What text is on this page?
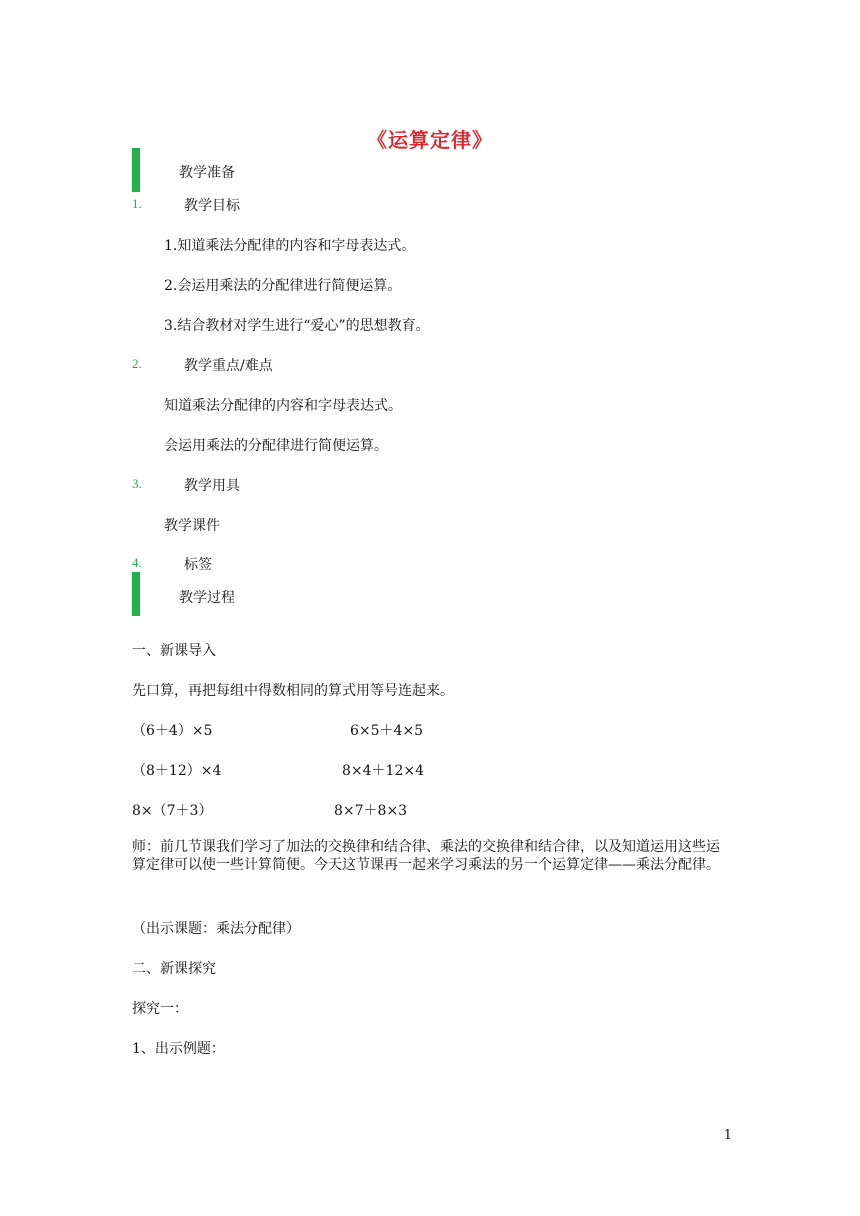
《运算定律》
教学准备
1.	教学目标
1.知道乘法分配律的内容和字母表达式。
2.会运用乘法的分配律进行简便运算。
3.结合教材对学生进行“爱心”的思想教育。
2.	教学重点/难点
知道乘法分配律的内容和字母表达式。
会运用乘法的分配律进行简便运算。
3.	教学用具
教学课件
4.	标签
教学过程
一、新课导入
先口算，再把每组中得数相同的算式用等号连起来。
（6＋4）×5	6×5＋4×5
（8＋12）×4	8×4＋12×4
8×（7＋3）	8×7＋8×3
师：前几节课我们学习了加法的交换律和结合律、乘法的交换律和结合律，以及知道运用这些运算定律可以使一些计算简便。今天这节课再一起来学习乘法的另一个运算定律——乘法分配律。
（出示课题：乘法分配律）
二、新课探究
探究一：
1、出示例题：
1
